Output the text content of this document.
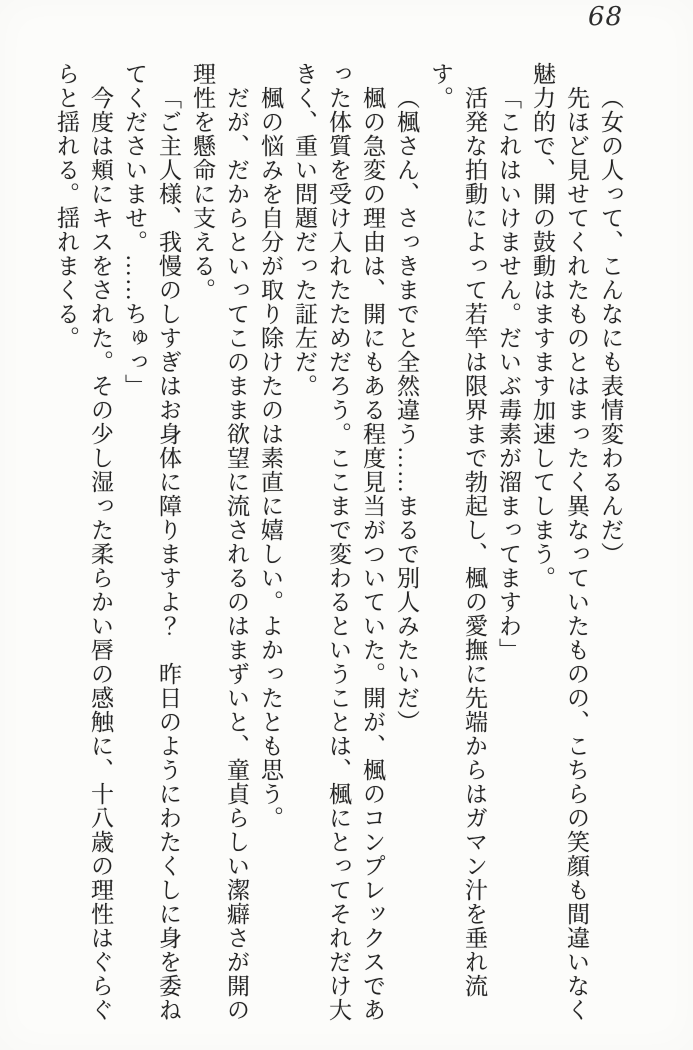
68

（女の人って、こんなにも表情変わるんだ）

先ほど見せてくれたものとはまったく異なっていたものの、こちらの笑顔も間違いなく魅力的で、開の鼓動はますます加速してしまう。

「これはいけません。だいぶ毒素が溜まってますわ」

活発な拍動によって若竿は限界まで勃起し、楓の愛撫に先端からはガマン汁を垂れ流す。

（楓さん、さっきまでと全然違う……まるで別人みたいだ）

楓の急変の理由は、開にもある程度見当がついていた。開が、楓のコンプレックスであった体質を受け入れたためだろう。ここまで変わるということは、楓にとってそれだけ大きく、重い問題だった証左だ。

楓の悩みを自分が取り除けたのは素直に嬉しい。よかったとも思う。

だが、だからといってこのまま欲望に流されるのはまずいと、童貞らしい潔癖さが開の理性を懸命に支える。

「ご主人様、我慢のしすぎはお身体に障りますよ？　昨日のようにわたくしに身を委ねてくださいませ。……ちゅっ」

今度は頬にキスをされた。その少し湿った柔らかい唇の感触に、十八歳の理性はぐらぐらと揺れる。揺れまくる。
